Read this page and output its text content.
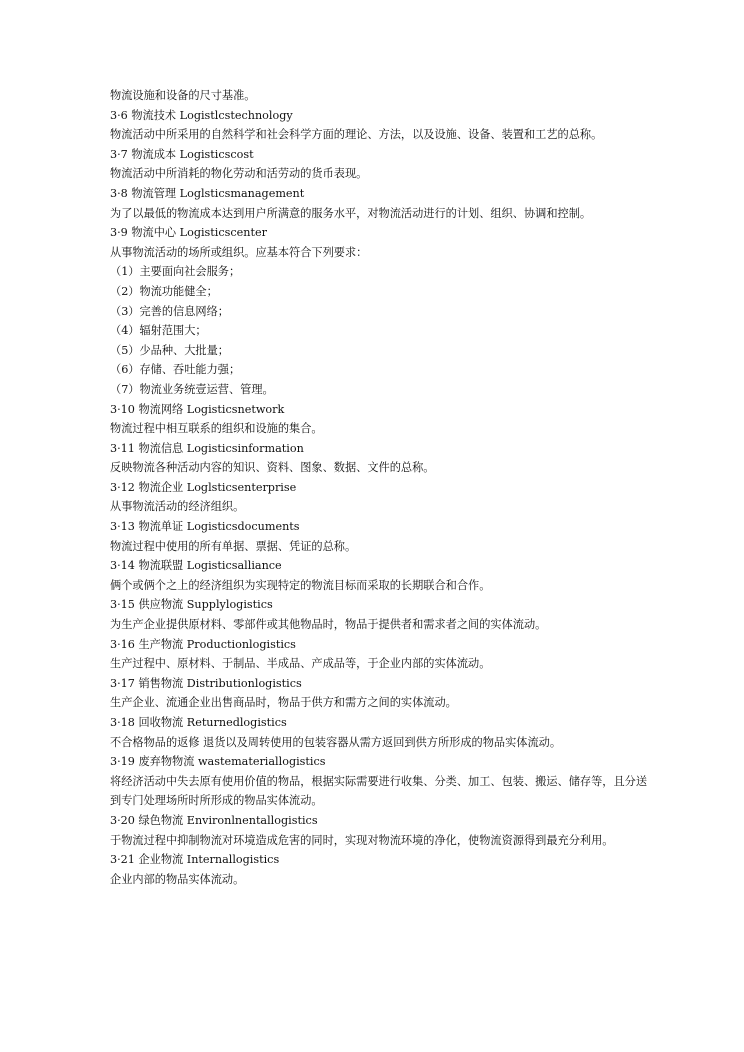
物流设施和设备的尺寸基准。
3·6 物流技术 Logistlcstechnology
物流活动中所采用的自然科学和社会科学方面的理论、方法，以及设施、设备、装置和工艺的总称。
3·7 物流成本 Logisticscost
物流活动中所消耗的物化劳动和活劳动的货币表现。
3·8 物流管理 Loglsticsmanagement
为了以最低的物流成本达到用户所满意的服务水平，对物流活动进行的计划、组织、协调和控制。
3·9 物流中心 Logisticscenter
从事物流活动的场所或组织。应基本符合下列要求：
（1）主要面向社会服务；
（2）物流功能健全；
（3）完善的信息网络；
（4）辐射范围大；
（5）少品种、大批量；
（6）存储、吞吐能力强；
（7）物流业务统壹运营、管理。
3·10 物流网络 Logisticsnetwork
物流过程中相互联系的组织和设施的集合。
3·11 物流信息 Logisticsinformation
反映物流各种活动内容的知识、资料、图象、数据、文件的总称。
3·12 物流企业 Loglsticsenterprise
从事物流活动的经济组织。
3·13 物流单证 Logisticsdocuments
物流过程中使用的所有单据、票据、凭证的总称。
3·14 物流联盟 Logisticsalliance
俩个或俩个之上的经济组织为实现特定的物流目标而采取的长期联合和合作。
3·15 供应物流 Supplylogistics
为生产企业提供原材料、零部件或其他物品时，物品于提供者和需求者之间的实体流动。
3·16 生产物流 Productionlogistics
生产过程中、原材料、于制品、半成品、产成品等，于企业内部的实体流动。
3·17 销售物流 Distributionlogistics
生产企业、流通企业出售商品时，物品于供方和需方之间的实体流动。
3·18 回收物流 Returnedlogistics
不合格物品的返修 退货以及周转使用的包装容器从需方返回到供方所形成的物品实体流动。
3·19 废弃物物流 wastemateriallogistics
将经济活动中失去原有使用价值的物品，根据实际需要进行收集、分类、加工、包装、搬运、储存等，且分送到专门处理场所时所形成的物品实体流动。
3·20 绿色物流 Environlnentallogistics
于物流过程中抑制物流对环境造成危害的同时，实现对物流环境的净化，使物流资源得到最充分利用。
3·21 企业物流 Internallogistics
企业内部的物品实体流动。
